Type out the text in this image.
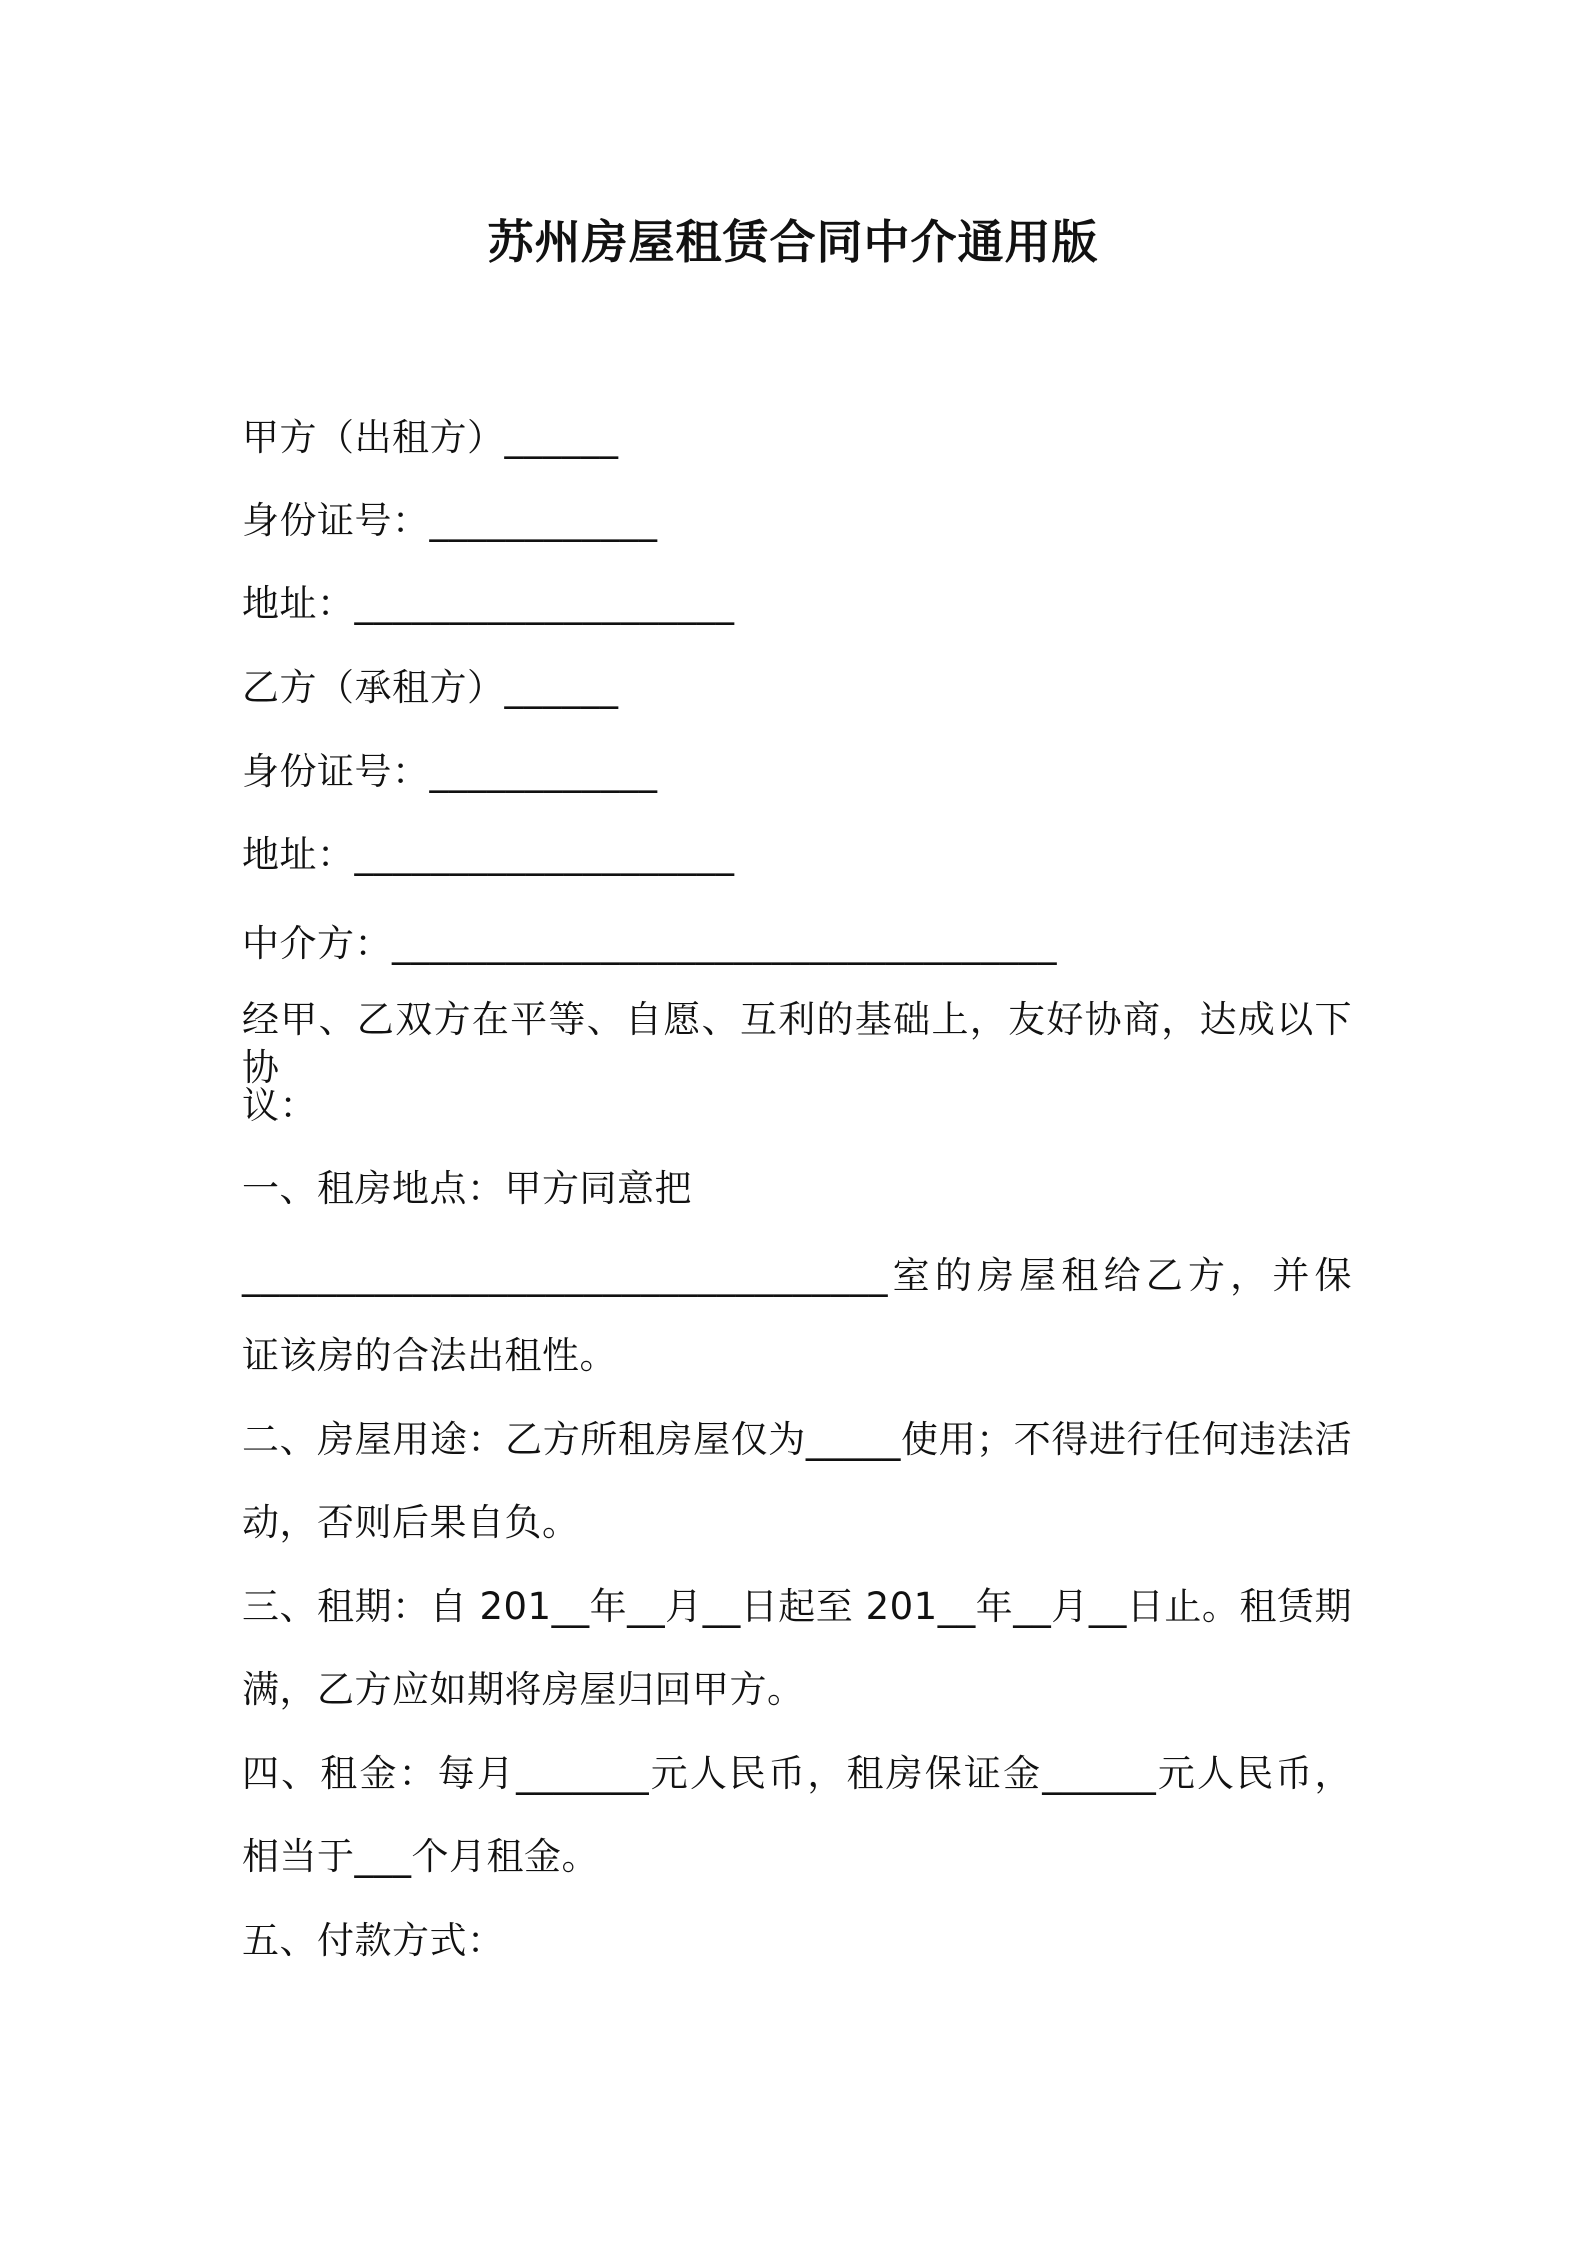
苏州房屋租赁合同中介通用版
甲方（出租方）______
身份证号：____________
地址：____________________
乙方（承租方）______
身份证号：____________
地址：____________________
中介方：___________________________________
经甲、乙双方在平等、自愿、互利的基础上，友好协商，达成以下协
议：
一、租房地点：甲方同意把
__________________________________室的房屋租给乙方，并保
证该房的合法出租性。
二、房屋用途：乙方所租房屋仅为_____使用；不得进行任何违法活
动，否则后果自负。
三、租期：自 201__年__月__日起至 201__年__月__日止。租赁期
满，乙方应如期将房屋归回甲方。
四、租金：每月_______元人民币，租房保证金______元人民币，
相当于___个月租金。
五、付款方式：
